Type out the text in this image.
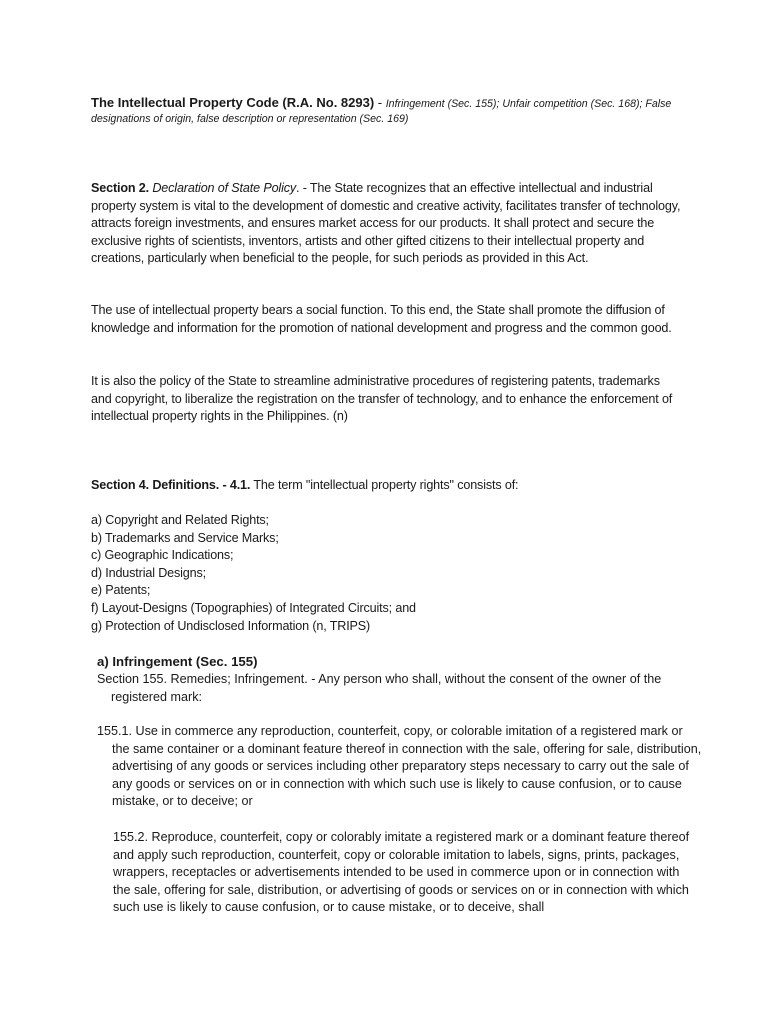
The Intellectual Property Code (R.A. No. 8293) - Infringement (Sec. 155); Unfair competition (Sec. 168); False
designations of origin, false description or representation (Sec. 169)
Section 2. Declaration of State Policy. - The State recognizes that an effective intellectual and industrial property system is vital to the development of domestic and creative activity, facilitates transfer of technology, attracts foreign investments, and ensures market access for our products. It shall protect and secure the exclusive rights of scientists, inventors, artists and other gifted citizens to their intellectual property and creations, particularly when beneficial to the people, for such periods as provided in this Act.
The use of intellectual property bears a social function. To this end, the State shall promote the diffusion of knowledge and information for the promotion of national development and progress and the common good.
It is also the policy of the State to streamline administrative procedures of registering patents, trademarks and copyright, to liberalize the registration on the transfer of technology, and to enhance the enforcement of intellectual property rights in the Philippines. (n)
Section 4. Definitions. - 4.1. The term "intellectual property rights" consists of:
a) Copyright and Related Rights;
b) Trademarks and Service Marks;
c) Geographic Indications;
d) Industrial Designs;
e) Patents;
f) Layout-Designs (Topographies) of Integrated Circuits; and
g) Protection of Undisclosed Information (n, TRIPS)
a) Infringement (Sec. 155)
Section 155. Remedies; Infringement. - Any person who shall, without the consent of the owner of the registered mark:
155.1. Use in commerce any reproduction, counterfeit, copy, or colorable imitation of a registered mark or the same container or a dominant feature thereof in connection with the sale, offering for sale, distribution, advertising of any goods or services including other preparatory steps necessary to carry out the sale of any goods or services on or in connection with which such use is likely to cause confusion, or to cause mistake, or to deceive; or
155.2. Reproduce, counterfeit, copy or colorably imitate a registered mark or a dominant feature thereof and apply such reproduction, counterfeit, copy or colorable imitation to labels, signs, prints, packages, wrappers, receptacles or advertisements intended to be used in commerce upon or in connection with the sale, offering for sale, distribution, or advertising of goods or services on or in connection with which such use is likely to cause confusion, or to cause mistake, or to deceive, shall
